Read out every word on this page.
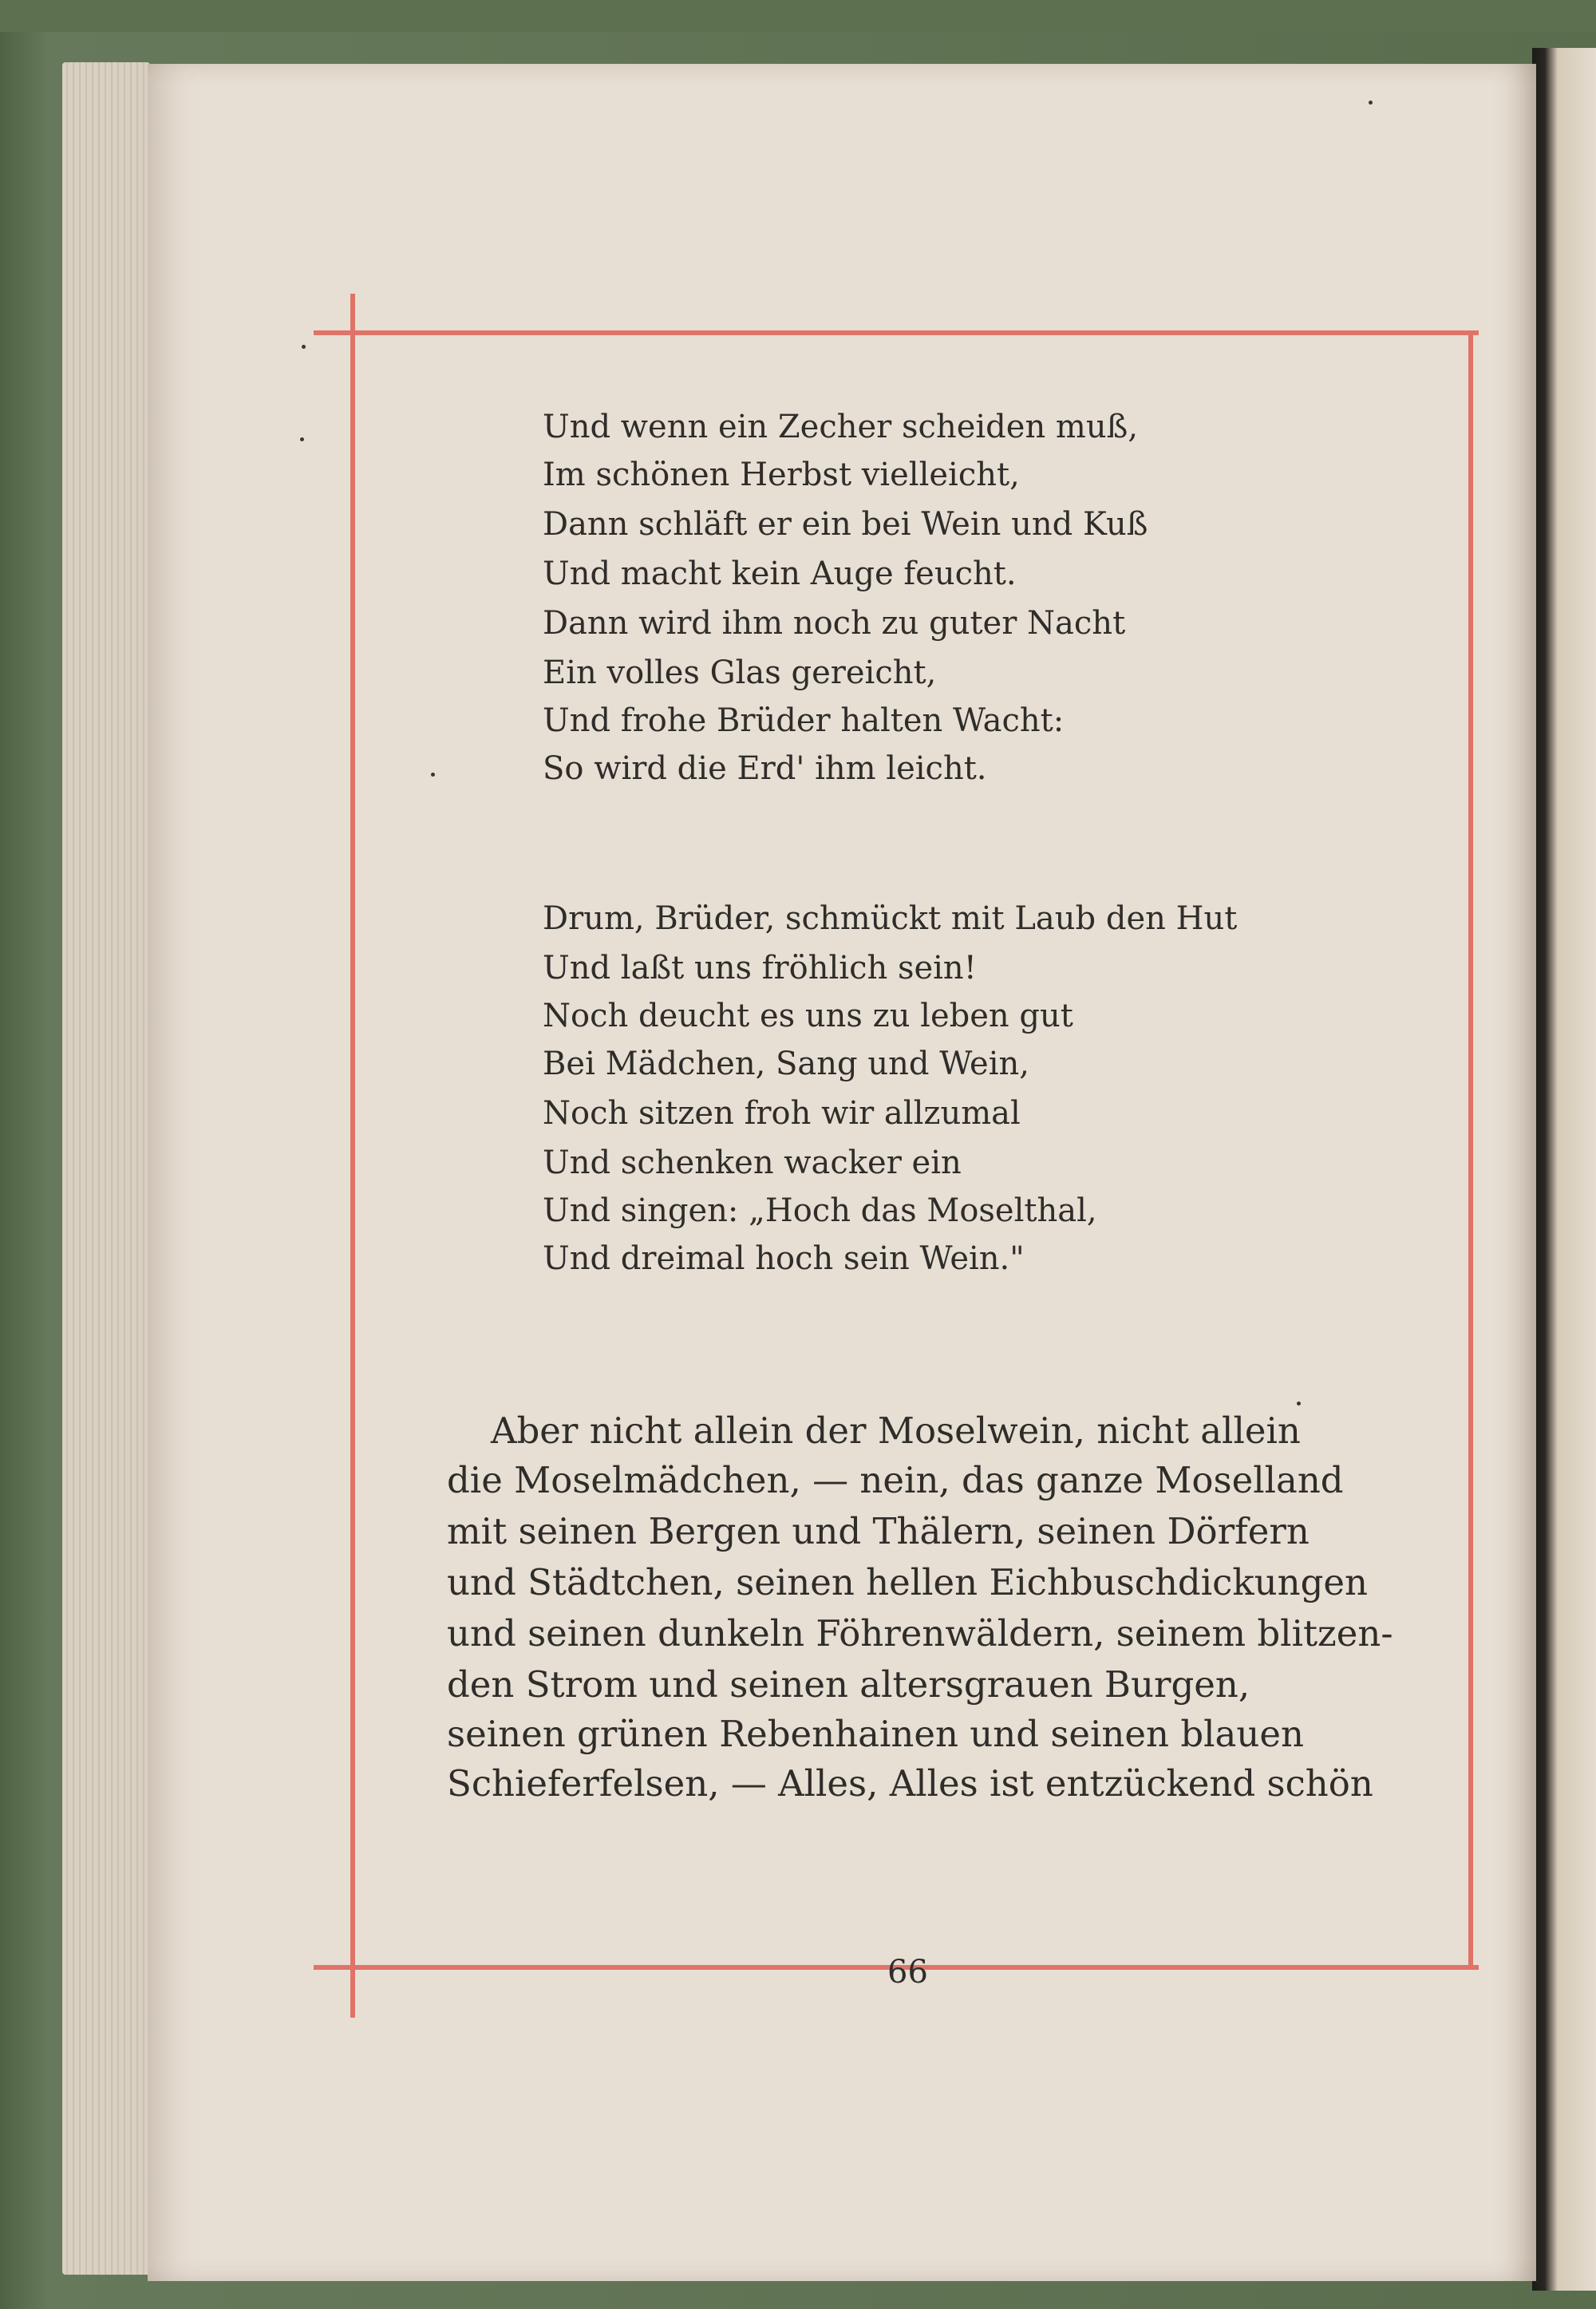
Und wenn ein Zecher scheiden muß,
Im schönen Herbst vielleicht,
Dann schläft er ein bei Wein und Kuß
Und macht kein Auge feucht.
Dann wird ihm noch zu guter Nacht
Ein volles Glas gereicht,
Und frohe Brüder halten Wacht:
So wird die Erd' ihm leicht.
Drum, Brüder, schmückt mit Laub den Hut
Und laßt uns fröhlich sein!
Noch deucht es uns zu leben gut
Bei Mädchen, Sang und Wein,
Noch sitzen froh wir allzumal
Und schenken wacker ein
Und singen: „Hoch das Moselthal,
Und dreimal hoch sein Wein."
Aber nicht allein der Moselwein, nicht allein
die Moselmädchen, — nein, das ganze Moselland
mit seinen Bergen und Thälern, seinen Dörfern
und Städtchen, seinen hellen Eichbuschdickungen
und seinen dunkeln Föhrenwäldern, seinem blitzen-
den Strom und seinen altersgrauen Burgen,
seinen grünen Rebenhainen und seinen blauen
Schieferfelsen, — Alles, Alles ist entzückend schön
66
